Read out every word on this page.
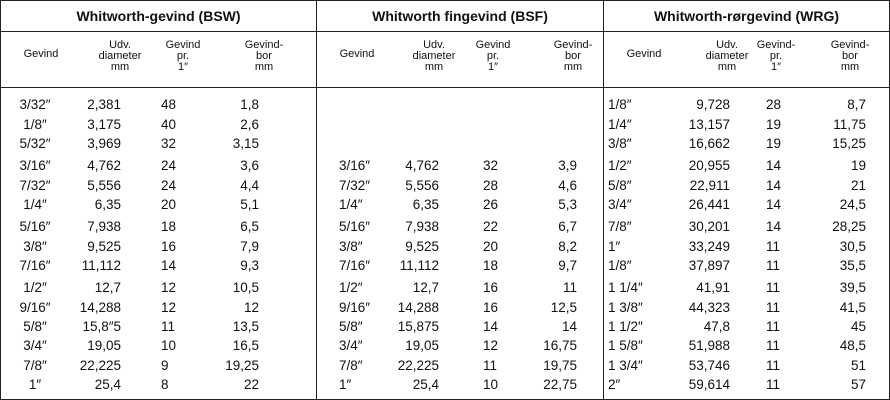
Whitworth-gevind (BSW)
Gevind
Udv.
diameter
mm
Gevind
pr.
1″
Gevind-
bor
mm
3/32″	2,381	48	1,8
1/8″	3,175	40	2,6
5/32″	3,969	32	3,15
3/16″	4,762	24	3,6
7/32″	5,556	24	4,4
1/4″	6,35	20	5,1
5/16″	7,938	18	6,5
3/8″	9,525	16	7,9
7/16″	11,112	14	9,3
1/2″	12,7	12	10,5
9/16″	14,288	12	12
5/8″	15,8″5	11	13,5
3/4″	19,05	10	16,5
7/8″	22,225	9	19,25
1″	25,4	8	22
Whitworth fingevind (BSF)
Gevind
Udv.
diameter
mm
Gevind
pr.
1″
Gevind-
bor
mm
3/16″	4,762	32	3,9
7/32″	5,556	28	4,6
1/4″	6,35	26	5,3
5/16″	7,938	22	6,7
3/8″	9,525	20	8,2
7/16″ 11,112	18	9,7
1/2″	12,7	16	11
9/16″ 14,288	16	12,5
5/8″	15,875	14	14
3/4″	19,05	12	16,75
7/8″	22,225	11	19,75
1″	25,4	10	22,75
Whitworth-rørgevind (WRG)
Gevind
Udv.
diameter
mm
Gevind-
pr.
1″
Gevind-
bor
mm
1/8″	9,728	28	8,7
1/4″	13,157	19	11,75
3/8″	16,662	19	15,25
1/2″	20,955	14	19
5/8″	22,911	14	21
3/4″	26,441	14	24,5
7/8″	30,201	14	28,25
1″	33,249	11	30,5
1/8″	37,897	11	35,5
1 1/4″	41,91	11	39,5
1 3/8″	44,323	11	41,5
1 1/2″	47,8	11	45
1 5/8″	51,988	11	48,5
1 3/4″	53,746	11	51
2″	59,614	11	57
